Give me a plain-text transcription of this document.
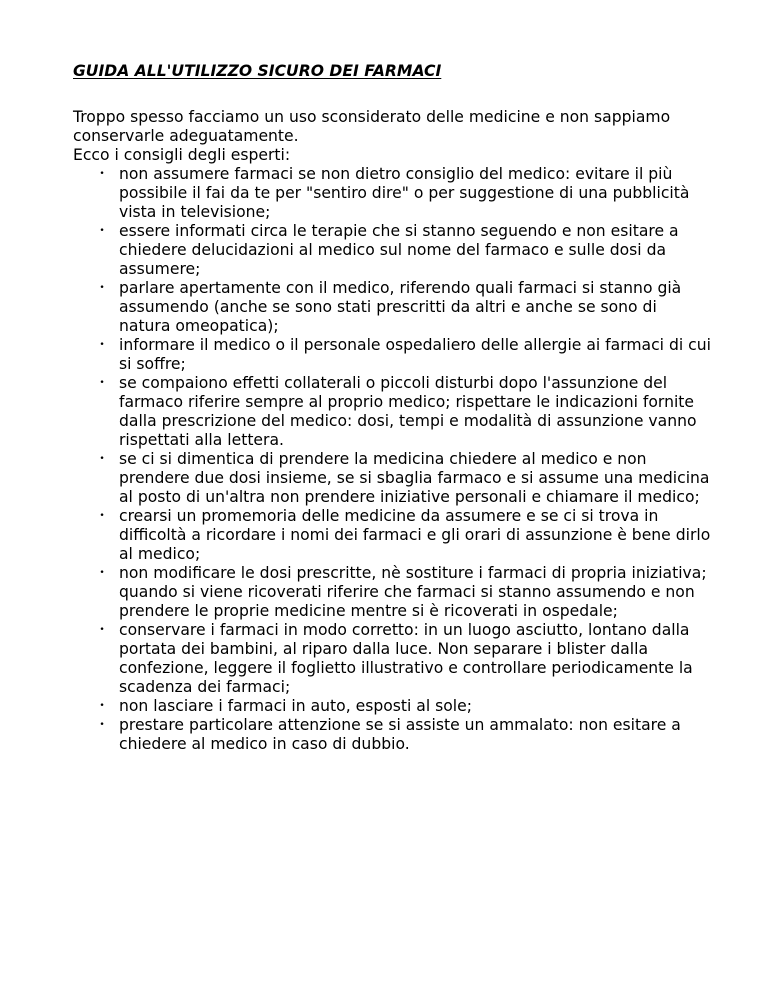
GUIDA ALL'UTILIZZO SICURO DEI FARMACI

Troppo spesso facciamo un uso sconsiderato delle medicine e non sappiamo conservarle adeguatamente.

Ecco i consigli degli esperti:

• non assumere farmaci se non dietro consiglio del medico: evitare il più possibile il fai da te per "sentiro dire" o per suggestione di una pubblicità vista in televisione;
• essere informati circa le terapie che si stanno seguendo e non esitare a chiedere delucidazioni al medico sul nome del farmaco e sulle dosi da assumere;
• parlare apertamente con il medico, riferendo quali farmaci si stanno già assumendo (anche se sono stati prescritti da altri e anche se sono di natura omeopatica);
• informare il medico o il personale ospedaliero delle allergie ai farmaci di cui si soffre;
• se compaiono effetti collaterali o piccoli disturbi dopo l'assunzione del farmaco riferire sempre al proprio medico; rispettare le indicazioni fornite dalla prescrizione del medico: dosi, tempi e modalità di assunzione vanno rispettati alla lettera.
• se ci si dimentica di prendere la medicina chiedere al medico e non prendere due dosi insieme, se si sbaglia farmaco e si assume una medicina al posto di un'altra non prendere iniziative personali e chiamare il medico;
• crearsi un promemoria delle medicine da assumere e se ci si trova in difficoltà a ricordare i nomi dei farmaci e gli orari di assunzione è bene dirlo al medico;
• non modificare le dosi prescritte, nè sostiture i farmaci di propria iniziativa; quando si viene ricoverati riferire che farmaci si stanno assumendo e non prendere le proprie medicine mentre si è ricoverati in ospedale;
• conservare i farmaci in modo corretto: in un luogo asciutto, lontano dalla portata dei bambini, al riparo dalla luce. Non separare i blister dalla confezione, leggere il foglietto illustrativo e controllare periodicamente la scadenza dei farmaci;
• non lasciare i farmaci in auto, esposti al sole;
• prestare particolare attenzione se si assiste un ammalato: non esitare a chiedere al medico in caso di dubbio.
